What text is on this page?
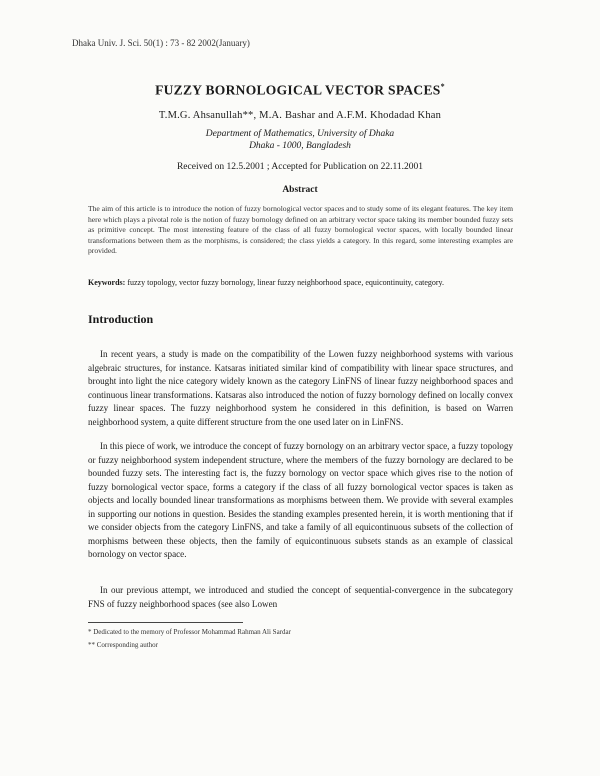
Dhaka Univ. J. Sci. 50(1) : 73 - 82 2002(January)
FUZZY BORNOLOGICAL VECTOR SPACES*
T.M.G. Ahsanullah**, M.A. Bashar and A.F.M. Khodadad Khan
Department of Mathematics, University of Dhaka
Dhaka - 1000, Bangladesh
Received on 12.5.2001 ; Accepted for Publication on 22.11.2001
Abstract
The aim of this article is to introduce the notion of fuzzy bornological vector spaces and to study some of its elegant features. The key item here which plays a pivotal role is the notion of fuzzy bornology defined on an arbitrary vector space taking its member bounded fuzzy sets as primitive concept. The most interesting feature of the class of all fuzzy bornological vector spaces, with locally bounded linear transformations between them as the morphisms, is considered; the class yields a category. In this regard, some interesting examples are provided.
Keywords: fuzzy topology, vector fuzzy bornology, linear fuzzy neighborhood space, equicontinuity, category.
Introduction
In recent years, a study is made on the compatibility of the Lowen fuzzy neighborhood systems with various algebraic structures, for instance. Katsaras initiated similar kind of compatibility with linear space structures, and brought into light the nice category widely known as the category LinFNS of linear fuzzy neighborhood spaces and continuous linear transformations. Katsaras also introduced the notion of fuzzy bornology defined on locally convex fuzzy linear spaces. The fuzzy neighborhood system he considered in this definition, is based on Warren neighborhood system, a quite different structure from the one used later on in LinFNS.
In this piece of work, we introduce the concept of fuzzy bornology on an arbitrary vector space, a fuzzy topology or fuzzy neighborhood system independent structure, where the members of the fuzzy bornology are declared to be bounded fuzzy sets. The interesting fact is, the fuzzy bornology on vector space which gives rise to the notion of fuzzy bornological vector space, forms a category if the class of all fuzzy bornological vector spaces is taken as objects and locally bounded linear transformations as morphisms between them. We provide with several examples in supporting our notions in question. Besides the standing examples presented herein, it is worth mentioning that if we consider objects from the category LinFNS, and take a family of all equicontinuous subsets of the collection of morphisms between these objects, then the family of equicontinuous subsets stands as an example of classical bornology on vector space.
In our previous attempt, we introduced and studied the concept of sequential-convergence in the subcategory FNS of fuzzy neighborhood spaces (see also Lowen
* Dedicated to the memory of Professor Mohammad Rahman Ali Sardar
** Corresponding author
